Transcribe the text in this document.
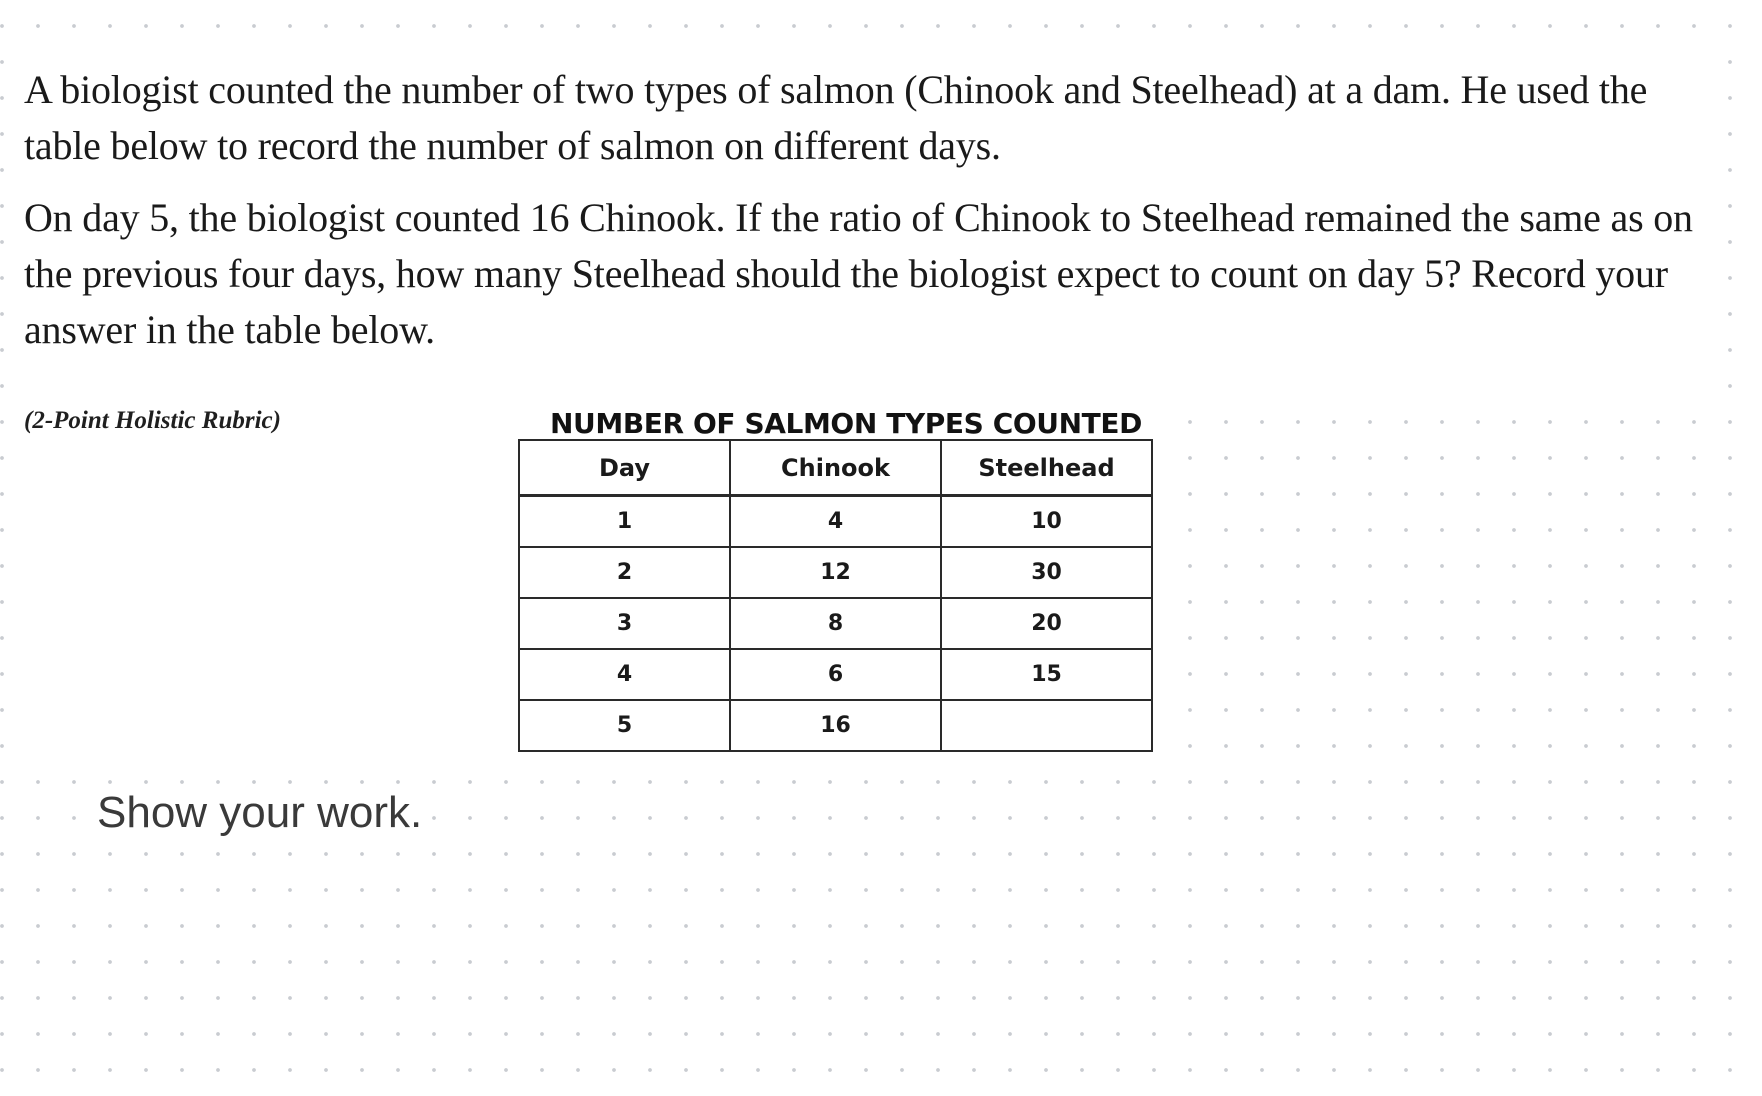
A biologist counted the number of two types of salmon (Chinook and Steelhead) at a dam. He used the table below to record the number of salmon on different days.

On day 5, the biologist counted 16 Chinook. If the ratio of Chinook to Steelhead remained the same as on the previous four days, how many Steelhead should the biologist expect to count on day 5? Record your answer in the table below.

(2-Point Holistic Rubric)	NUMBER OF SALMON TYPES COUNTED
Day	Chinook	Steelhead
1	4	10
2	12	30
3	8	20
4	6	15
5	16	
Show your work.
